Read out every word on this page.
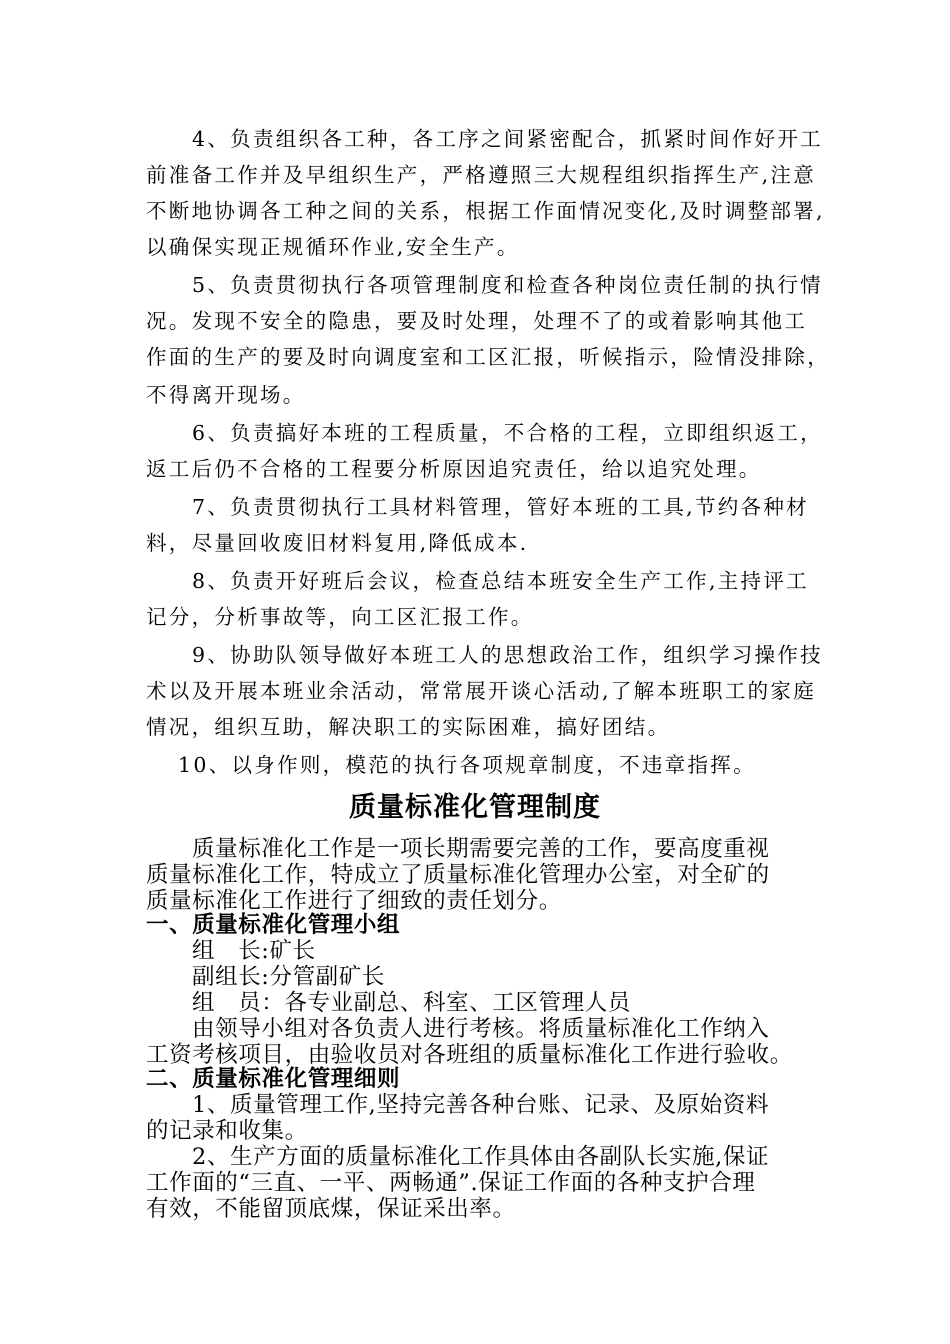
4、负责组织各工种，各工序之间紧密配合，抓紧时间作好开工
前准备工作并及早组织生产，严格遵照三大规程组织指挥生产,注意
不断地协调各工种之间的关系，根据工作面情况变化,及时调整部署,
以确保实现正规循环作业,安全生产。
5、负责贯彻执行各项管理制度和检查各种岗位责任制的执行情
况。发现不安全的隐患，要及时处理，处理不了的或着影响其他工
作面的生产的要及时向调度室和工区汇报，听候指示，险情没排除，
不得离开现场。
6、负责搞好本班的工程质量，不合格的工程，立即组织返工，
返工后仍不合格的工程要分析原因追究责任，给以追究处理。
7、负责贯彻执行工具材料管理，管好本班的工具,节约各种材
料，尽量回收废旧材料复用,降低成本.
8、负责开好班后会议，检查总结本班安全生产工作,主持评工
记分，分析事故等，向工区汇报工作。
9、协助队领导做好本班工人的思想政治工作，组织学习操作技
术以及开展本班业余活动，常常展开谈心活动,了解本班职工的家庭
情况，组织互助，解决职工的实际困难，搞好团结。
10、以身作则，模范的执行各项规章制度，不违章指挥。
质量标准化管理制度
质量标准化工作是一项长期需要完善的工作，要高度重视
质量标准化工作，特成立了质量标准化管理办公室，对全矿的
质量标准化工作进行了细致的责任划分。
一、质量标准化管理小组
组　长:矿长
副组长:分管副矿长
组　员：各专业副总、科室、工区管理人员
由领导小组对各负责人进行考核。将质量标准化工作纳入
工资考核项目，由验收员对各班组的质量标准化工作进行验收。
二、质量标准化管理细则
1、质量管理工作,坚持完善各种台账、记录、及原始资料
的记录和收集。
2、生产方面的质量标准化工作具体由各副队长实施,保证
工作面的“三直、一平、两畅通”.保证工作面的各种支护合理
有效，不能留顶底煤，保证采出率。
